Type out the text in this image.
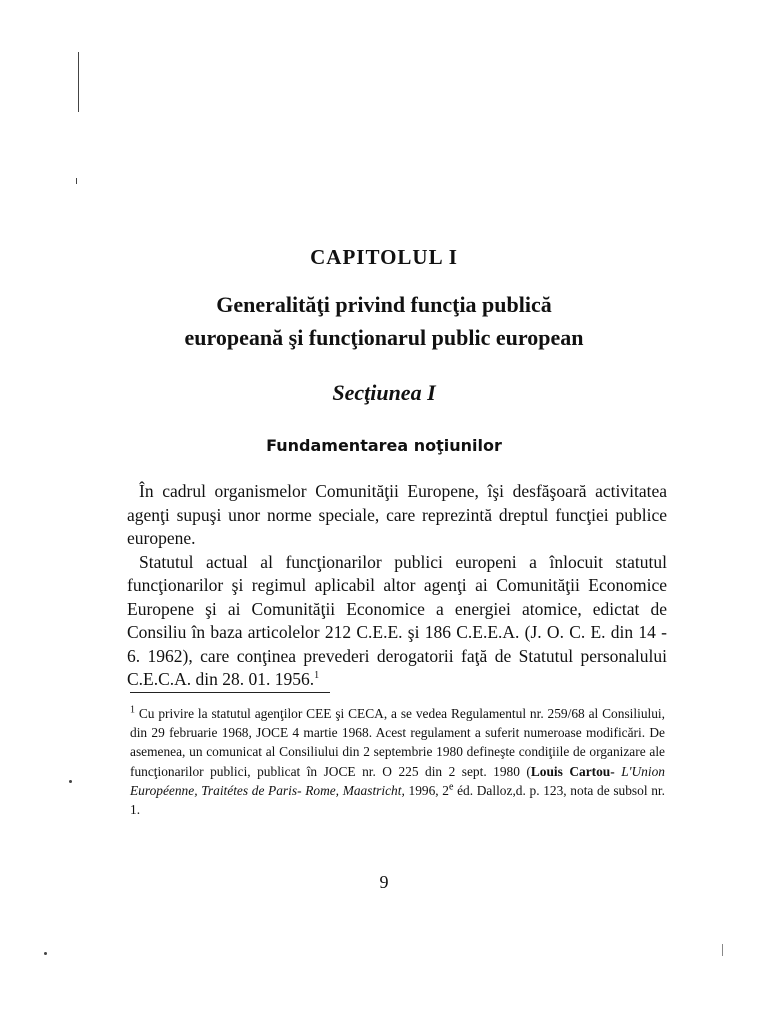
CAPITOLUL I
Generalităţi privind funcţia publică
europeană şi funcţionarul public european
Secţiunea I
Fundamentarea noţiunilor

În cadrul organismelor Comunităţii Europene, îşi desfăşoară activitatea agenţi supuşi unor norme speciale, care reprezintă dreptul funcţiei publice europene.

Statutul actual al funcţionarilor publici europeni a înlocuit statutul funcţionarilor şi regimul aplicabil altor agenţi ai Comunităţii Economice Europene şi ai Comunităţii Economice a energiei atomice, edictat de Consiliu în baza articolelor 212 C.E.E. şi 186 C.E.E.A. (J. O. C. E. din 14 - 6. 1962), care conţinea prevederi derogatorii faţă de Statutul personalului C.E.C.A. din 28. 01. 1956.$^1$

$^1$ Cu privire la statutul agenţilor CEE şi CECA, a se vedea Regulamentul nr. 259/68 al Consiliului, din 29 februarie 1968, JOCE 4 martie 1968. Acest regulament a suferit numeroase modificări. De asemenea, un comunicat al Consiliului din 2 septembrie 1980 defineşte condiţiile de organizare ale funcţionarilor publici, publicat în JOCE nr. O 225 din 2 sept. 1980 (Louis Cartou- L'Union Européenne, Traitétes de Paris- Rome, Maastricht, 1996, 2e éd. Dalloz,d. p. 123, nota de subsol nr. 1.
9
